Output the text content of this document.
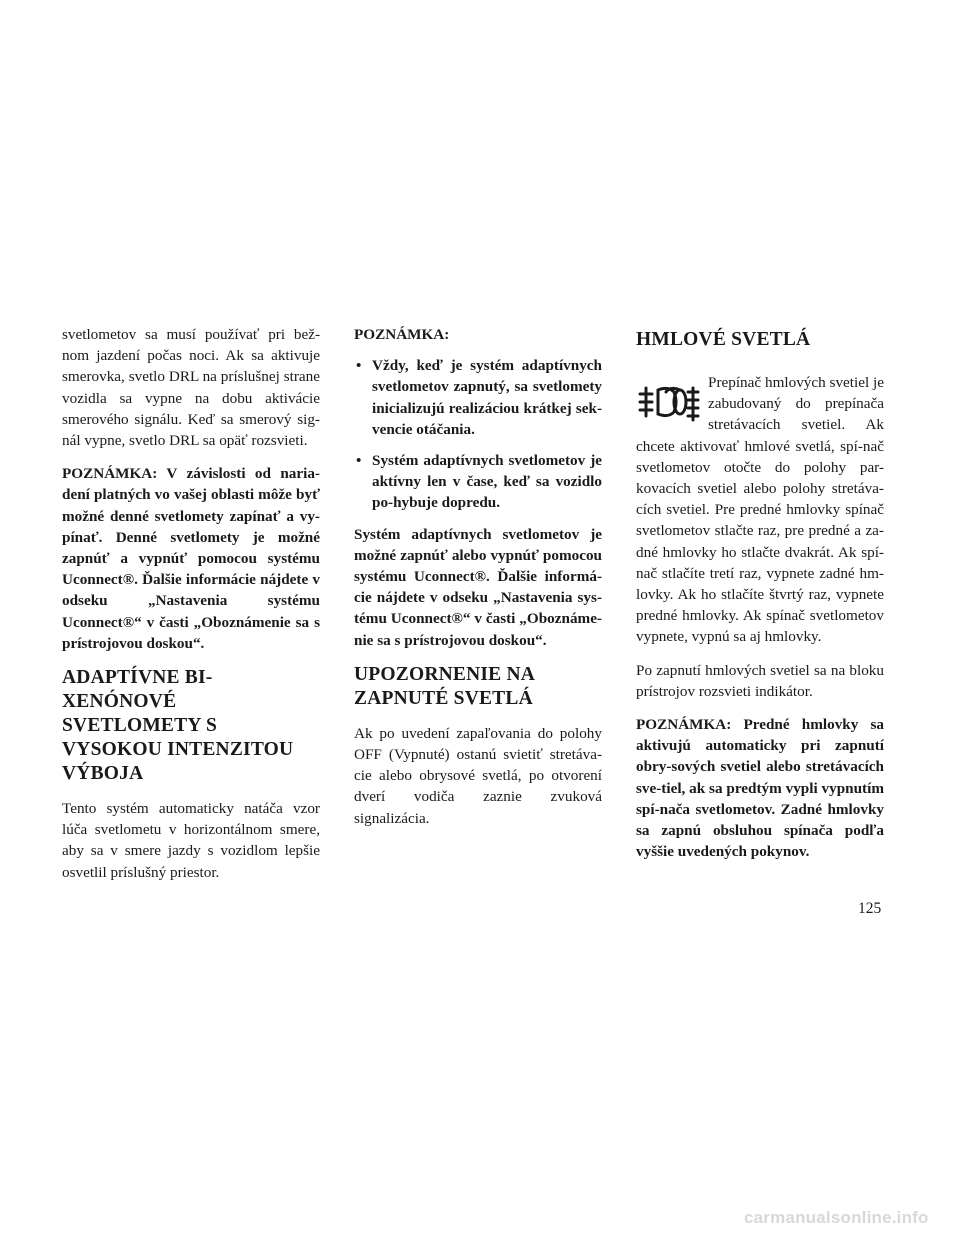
svetlometov sa musí používať pri bež-nom jazdení počas noci. Ak sa aktivuje smerovka, svetlo DRL na príslušnej strane vozidla sa vypne na dobu aktivácie smerového signálu. Keď sa smerový sig-nál vypne, svetlo DRL sa opäť rozsvieti.

POZNÁMKA: V závislosti od naria-dení platných vo vašej oblasti môže byť možné denné svetlomety zapínať a vy-pínať. Denné svetlomety je možné zapnúť a vypnúť pomocou systému Uconnect®. Ďalšie informácie nájdete v odseku „Nastavenia systému Uconnect®“ v časti „Oboznámenie sa s prístrojovou doskou“.

ADAPTÍVNE BI-XENÓNOVÉ SVETLOMETY S VYSOKOU INTENZITOU VÝBOJA

Tento systém automaticky natáča vzor lúča svetlometu v horizontálnom smere, aby sa v smere jazdy s vozidlom lepšie osvetlil príslušný priestor.

POZNÁMKA:
• Vždy, keď je systém adaptívnych svetlometov zapnutý, sa svetlomety inicializujú realizáciou krátkej sek-vencie otáčania.
• Systém adaptívnych svetlometov je aktívny len v čase, keď sa vozidlo po-hybuje dopredu.

Systém adaptívnych svetlometov je možné zapnúť alebo vypnúť pomocou systému Uconnect®. Ďalšie informá-cie nájdete v odseku „Nastavenia sys-tému Uconnect®“ v časti „Oboznáme-nie sa s prístrojovou doskou“.

UPOZORNENIE NA ZAPNUTÉ SVETLÁ

Ak po uvedení zapaľovania do polohy OFF (Vypnuté) ostanú svietiť stretáva-cie alebo obrysové svetlá, po otvorení dverí vodiča zaznie zvuková signalizácia.

HMLOVÉ SVETLÁ

Prepínač hmlových svetiel je zabudovaný do prepínača stretávacích svetiel. Ak chcete aktivovať hmlové svetlá, spí-nač svetlometov otočte do polohy par-kovacích svetiel alebo polohy stretáva-cích svetiel. Pre predné hmlovky spínač svetlometov stlačte raz, pre predné a za-dné hmlovky ho stlačte dvakrát. Ak spí-nač stlačíte tretí raz, vypnete zadné hm-lovky. Ak ho stlačíte štvrtý raz, vypnete predné hmlovky. Ak spínač svetlometov vypnete, vypnú sa aj hmlovky.

Po zapnutí hmlových svetiel sa na bloku prístrojov rozsvieti indikátor.

POZNÁMKA: Predné hmlovky sa aktivujú automaticky pri zapnutí obry-sových svetiel alebo stretávacích sve-tiel, ak sa predtým vypli vypnutím spí-nača svetlometov. Zadné hmlovky sa zapnú obsluhou spínača podľa vyššie uvedených pokynov.

125
carmanualsonline.info
